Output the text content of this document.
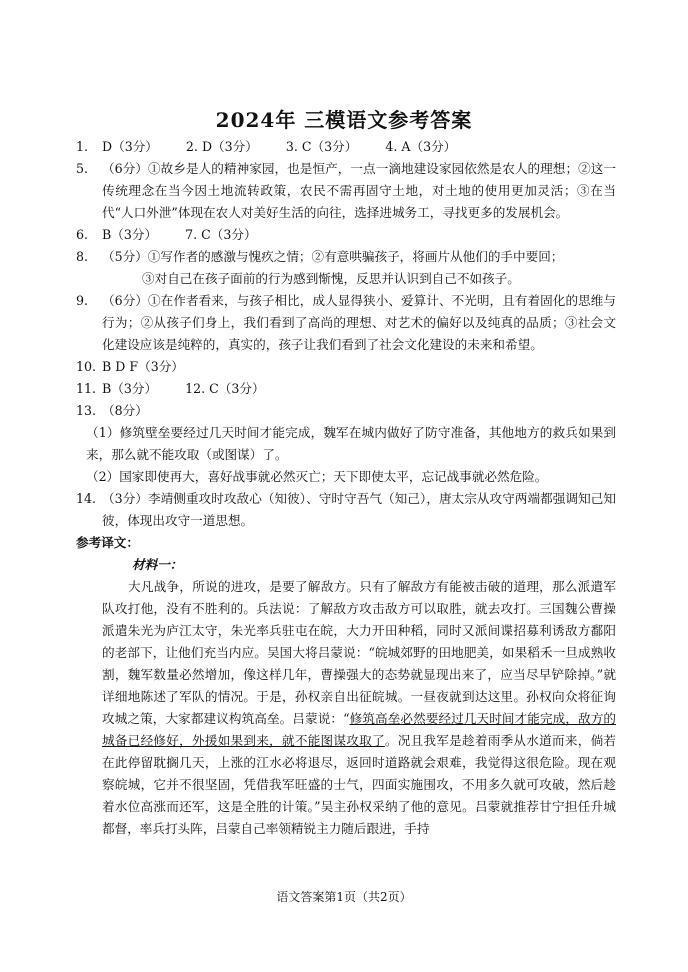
2024年 三模语文参考答案
1.	D（3分） 2.
D（3分） 3.
C（3分） 4.
A（3分）
5.	（6分）①故乡是人的精神家园，也是恒产，一点一滴地建设家园依然是农人的理想；②这一传统理念在当今因土地流转政策，农民不需再固守土地，对土地的使用更加灵活；③在当代“人口外泄”体现在农人对美好生活的向往，选择进城务工，寻找更多的发展机会。
6.	B（3分） 7.
C（3分）
8.	（5分）①写作者的感激与愧疚之情；②有意哄骗孩子，将画片从他们的手中要回；
③对自己在孩子面前的行为感到惭愧，反思并认识到自己不如孩子。
9.	（6分）①在作者看来，与孩子相比，成人显得狭小、爱算计、不光明，且有着固化的思维与行为；②从孩子们身上，我们看到了高尚的理想、对艺术的偏好以及纯真的品质；③社会文化建设应该是纯粹的，真实的，孩子让我们看到了社会文化建设的未来和希望。
10. B D F（3分）
11. B（3分） 12.
C（3分）
13. （8分）
（1）修筑壁垒要经过几天时间才能完成，魏军在城内做好了防守准备，其他地方的救兵如果到来，那么就不能攻取（或图谋）了。
（2）国家即使再大，喜好战事就必然灭亡；天下即使太平，忘记战事就必然危险。
14. （3分）李靖侧重攻时攻敌心（知彼）、守时守吾气（知己），唐太宗从攻守两端都强调知己知彼，体现出攻守一道思想。
参考译文：
材料一：
大凡战争，所说的进攻，是要了解敌方。只有了解敌方有能被击破的道理，那么派遣军队攻打他，没有不胜利的。兵法说：了解敌方攻击敌方可以取胜，就去攻打。三国魏公曹操派遣朱光为庐江太守，朱光率兵驻屯在皖，大力开田种稻，同时又派间谍招募利诱敌方鄱阳的老部下，让他们充当内应。吴国大将吕蒙说：“皖城郊野的田地肥美，如果稻禾一旦成熟收割，魏军数量必然增加，像这样几年，曹操强大的态势就显现出来了，应当尽早铲除掉。”就详细地陈述了军队的情况。于是，孙权亲自出征皖城。一昼夜就到达这里。孙权向众将征询攻城之策，大家都建议构筑高垒。吕蒙说：“修筑高垒必然要经过几天时间才能完成，敌方的城备已经修好，外援如果到来，就不能图谋攻取了。况且我军是趁着雨季从水道而来，倘若在此停留耽搁几天，上涨的江水必将退尽，返回时道路就会艰难，我觉得这很危险。现在观察皖城，它并不很坚固，凭借我军旺盛的士气，四面实施围攻，不用多久就可攻破，然后趁着水位高涨而还军，这是全胜的计策。”吴主孙权采纳了他的意见。吕蒙就推荐甘宁担任升城都督，率兵打头阵，吕蒙自己率领精锐主力随后跟进，手持
语文答案第1页（共2页）
